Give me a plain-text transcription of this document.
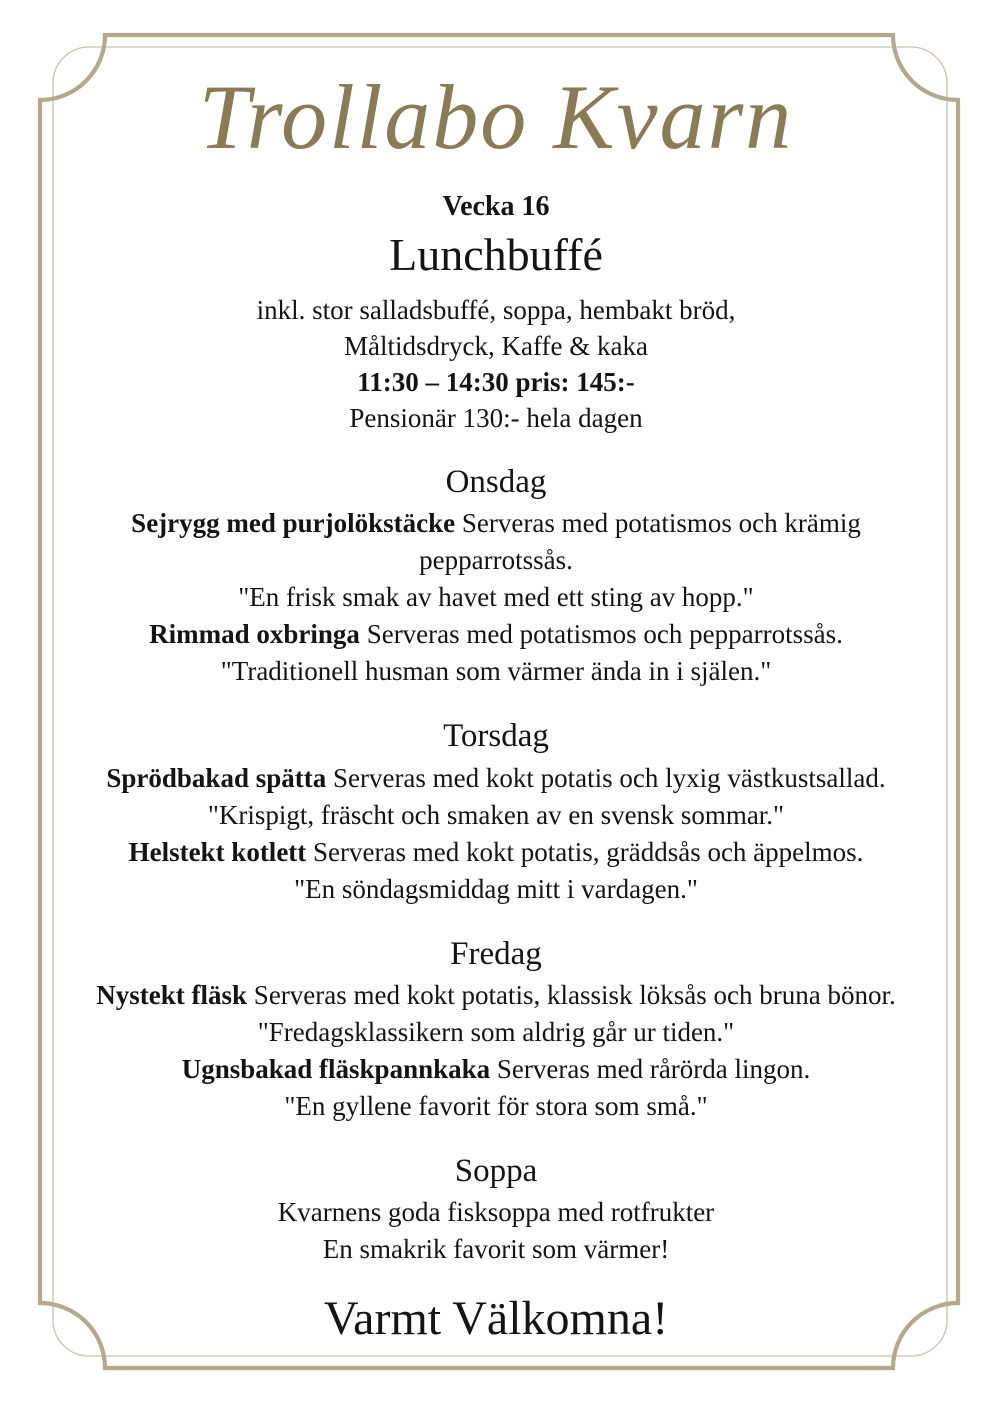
Trollabo Kvarn
Vecka 16
Lunchbuffé
inkl. stor salladsbuffé, soppa, hembakt bröd,
Måltidsdryck, Kaffe & kaka
11:30 – 14:30 pris: 145:-
Pensionär 130:- hela dagen
Onsdag

Sejrygg med purjolökstäcke Serveras med potatismos och krämig pepparrotssås.

"En frisk smak av havet med ett sting av hopp."

Rimmad oxbringa Serveras med potatismos och pepparrotssås.

"Traditionell husman som värmer ända in i själen."

Torsdag

Sprödbakad spätta Serveras med kokt potatis och lyxig västkustsallad. "Krispigt, fräscht och smaken av en svensk sommar."

Helstekt kotlett Serveras med kokt potatis, gräddsås och äppelmos.

"En söndagsmiddag mitt i vardagen."

Fredag

Nystekt fläsk Serveras med kokt potatis, klassisk löksås och bruna bönor. "Fredagsklassikern som aldrig går ur tiden."

Ugnsbakad fläskpannkaka Serveras med rårörda lingon.

"En gyllene favorit för stora som små."

Soppa

Kvarnens goda fisksoppa med rotfrukter

En smakrik favorit som värmer!

Varmt Välkomna!
